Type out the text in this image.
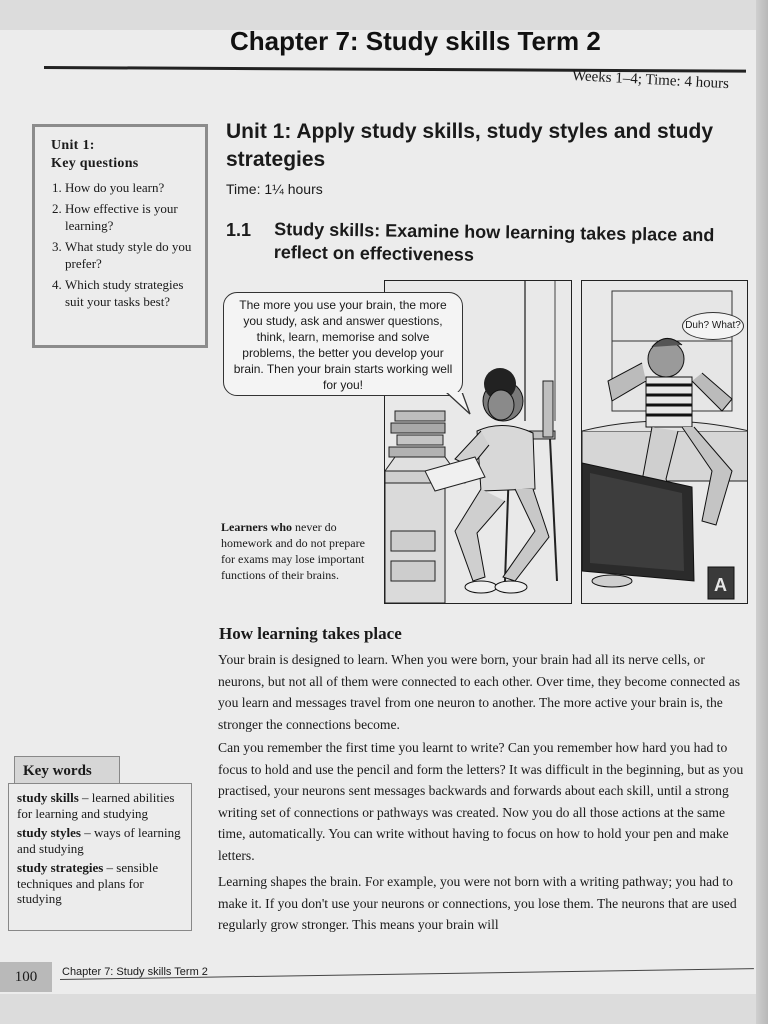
Chapter 7: Study skills Term 2
Weeks 1–4; Time: 4 hours
Unit 1:
Key questions
1. How do you learn?
2. How effective is your learning?
3. What study style do you prefer?
4. Which study strategies suit your tasks best?
Unit 1: Apply study skills, study styles and study strategies
Time: 1¼ hours
1.1 Study skills: Examine how learning takes place and reflect on effectiveness
The more you use your brain, the more you study, ask and answer questions, think, learn, memorise and solve problems, the better you develop your brain. Then your brain starts working well for you!
A
Duh? What?
Learners who never do homework and do not prepare for exams may lose important functions of their brains.
How learning takes place

Your brain is designed to learn. When you were born, your brain had all its nerve cells, or neurons, but not all of them were connected to each other. Over time, they become connected as you learn and messages travel from one neuron to another. The more active your brain is, the stronger the connections become.

Can you remember the first time you learnt to write? Can you remember how hard you had to focus to hold and use the pencil and form the letters? It was difficult in the beginning, but as you practised, your neurons sent messages backwards and forwards about each skill, until a strong writing set of connections or pathways was created. Now you do all those actions at the same time, automatically. You can write without having to focus on how to hold your pen and make letters.

Learning shapes the brain. For example, you were not born with a writing pathway; you had to make it. If you don't use your neurons or connections, you lose them. The neurons that are used regularly grow stronger. This means your brain will

Key words
study skills – learned abilities for learning and studying
study styles – ways of learning and studying
study strategies – sensible techniques and plans for studying
100	Chapter 7: Study skills Term 2
